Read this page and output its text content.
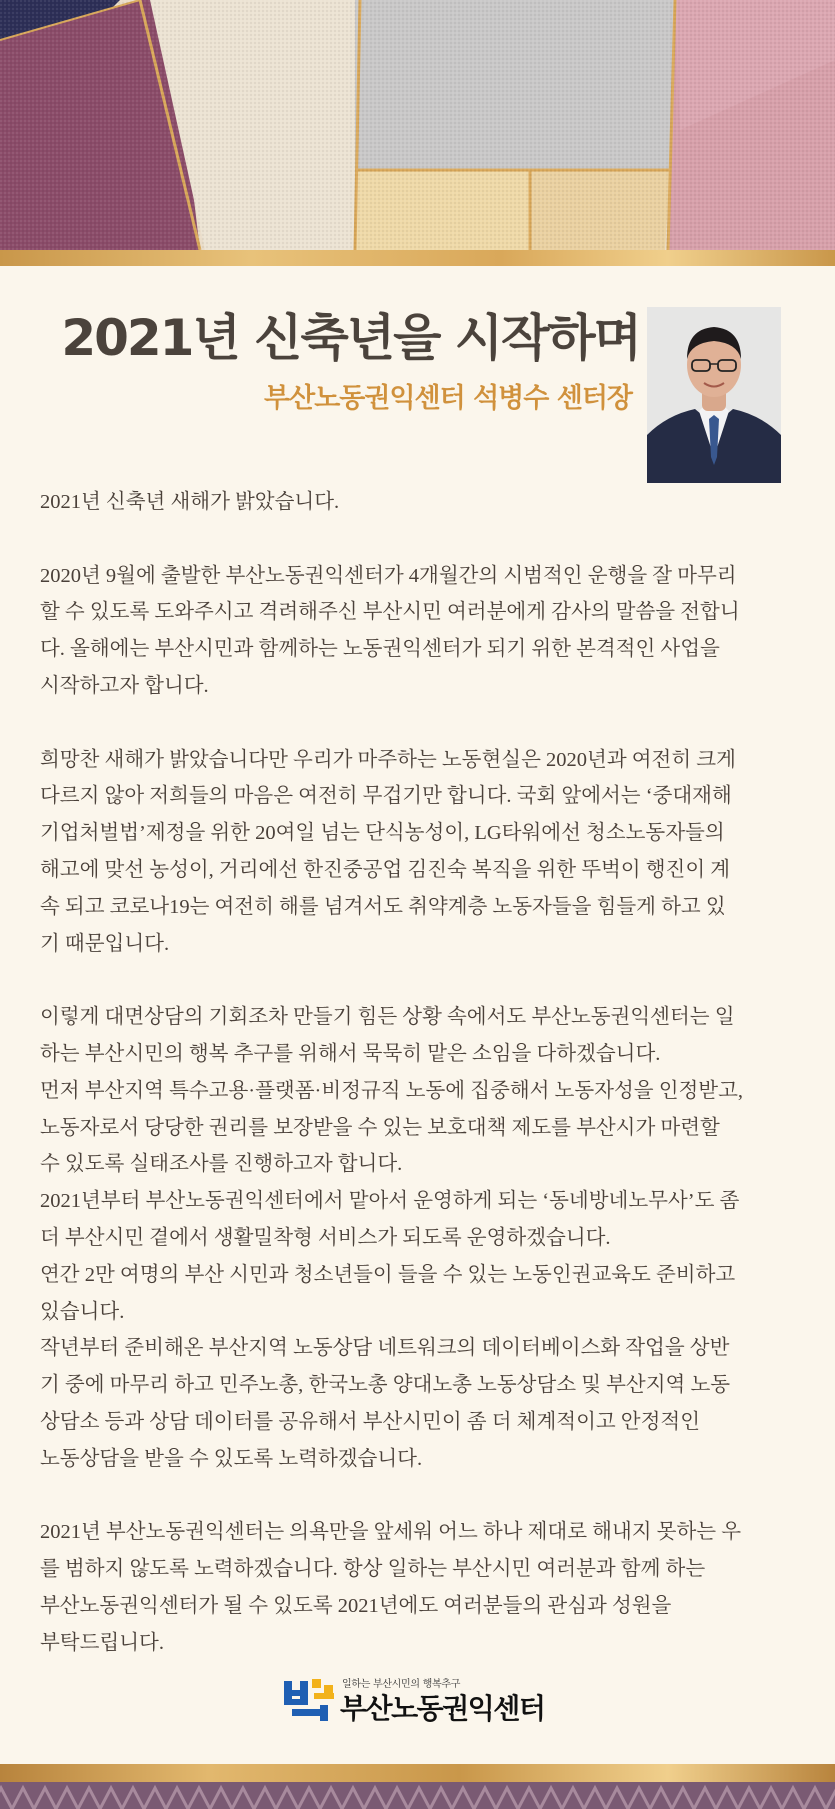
2021년 신축년을 시작하며
부산노동권익센터 석병수 센터장

2021년 신축년 새해가 밝았습니다.

2020년 9월에 출발한 부산노동권익센터가 4개월간의 시범적인 운행을 잘 마무리
할 수 있도록 도와주시고 격려해주신 부산시민 여러분에게 감사의 말씀을 전합니
다. 올해에는 부산시민과 함께하는 노동권익센터가 되기 위한 본격적인 사업을
시작하고자 합니다.

희망찬 새해가 밝았습니다만 우리가 마주하는 노동현실은 2020년과 여전히 크게
다르지 않아 저희들의 마음은 여전히 무겁기만 합니다. 국회 앞에서는 ‘중대재해
기업처벌법’제정을 위한 20여일 넘는 단식농성이, LG타워에선 청소노동자들의
해고에 맞선 농성이, 거리에선 한진중공업 김진숙 복직을 위한 뚜벅이 행진이 계
속 되고 코로나19는 여전히 해를 넘겨서도 취약계층 노동자들을 힘들게 하고 있
기 때문입니다.

이렇게 대면상담의 기회조차 만들기 힘든 상황 속에서도 부산노동권익센터는 일
하는 부산시민의 행복 추구를 위해서 묵묵히 맡은 소임을 다하겠습니다.
먼저 부산지역 특수고용·플랫폼·비정규직 노동에 집중해서 노동자성을 인정받고,
노동자로서 당당한 권리를 보장받을 수 있는 보호대책 제도를 부산시가 마련할
수 있도록 실태조사를 진행하고자 합니다.
2021년부터 부산노동권익센터에서 맡아서 운영하게 되는 ‘동네방네노무사’도 좀
더 부산시민 곁에서 생활밀착형 서비스가 되도록 운영하겠습니다.
연간 2만 여명의 부산 시민과 청소년들이 들을 수 있는 노동인권교육도 준비하고
있습니다.
작년부터 준비해온 부산지역 노동상담 네트워크의 데이터베이스화 작업을 상반
기 중에 마무리 하고 민주노총, 한국노총 양대노총 노동상담소 및 부산지역 노동
상담소 등과 상담 데이터를 공유해서 부산시민이 좀 더 체계적이고 안정적인
노동상담을 받을 수 있도록 노력하겠습니다.

2021년 부산노동권익센터는 의욕만을 앞세워 어느 하나 제대로 해내지 못하는 우
를 범하지 않도록 노력하겠습니다. 항상 일하는 부산시민 여러분과 함께 하는
부산노동권익센터가 될 수 있도록 2021년에도 여러분들의 관심과 성원을
부탁드립니다.

일하는 부산시민의 행복추구
부산노동권익센터
